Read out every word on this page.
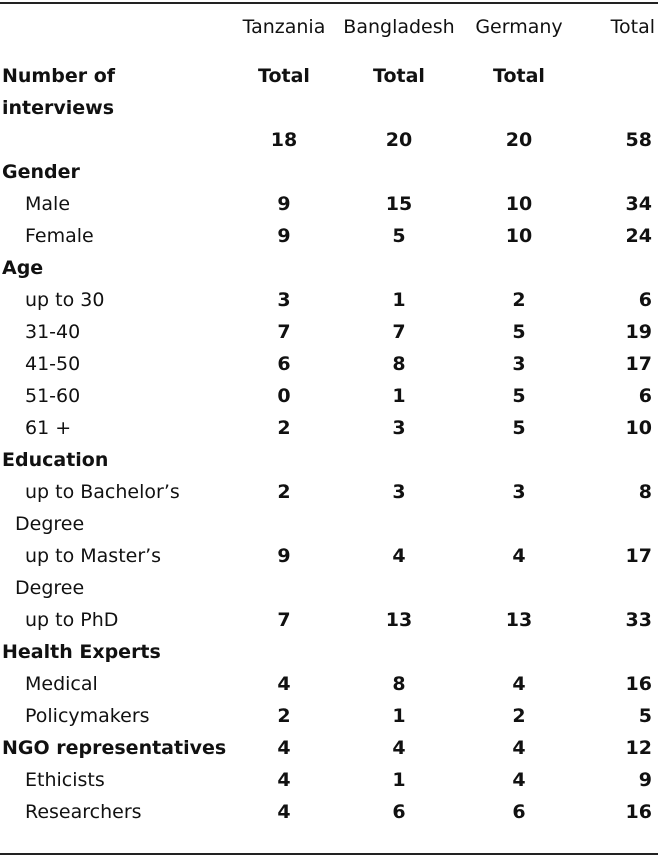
	Tanzania	Bangladesh	Germany	Total
Number of interviews	Total	Total	Total	
	18	20	20	58
Gender				
Male	9	15	10	34
Female	9	5	10	24
Age				
up to 30	3	1	2	6
31-40	7	7	5	19
41-50	6	8	3	17
51-60	0	1	5	6
61 +	2	3	5	10
Education				
up to Bachelor’s Degree	2	3	3	8
up to Master’s Degree	9	4	4	17
up to PhD	7	13	13	33
Health Experts				
Medical	4	8	4	16
Policymakers	2	1	2	5
NGO representatives	4	4	4	12
Ethicists	4	1	4	9
Researchers	4	6	6	16
